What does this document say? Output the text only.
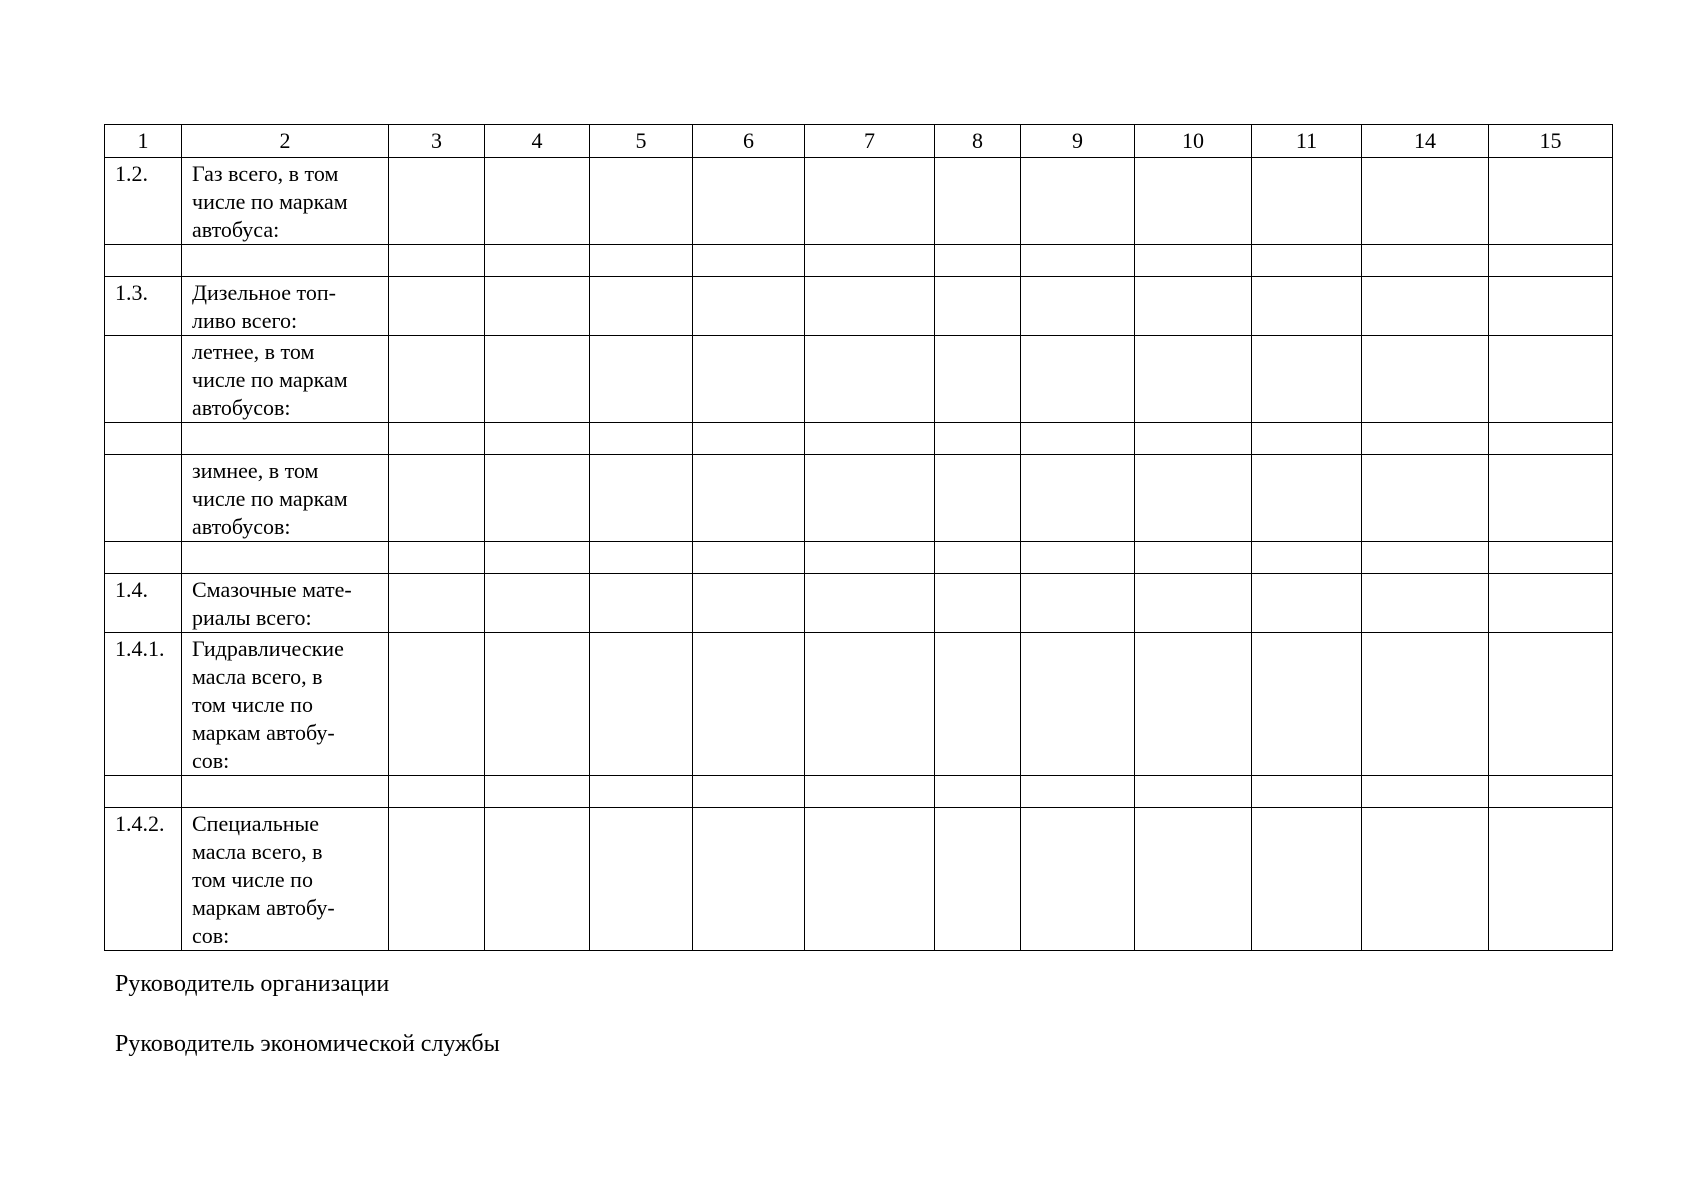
1	2	3	4	5	6	7	8	9	10	11	14	15
1.2.	Газ всего, в том
числе по маркам
автобуса:											

1.3.	Дизельное топ-
ливо всего:											
	летнее, в том
числе по маркам
автобусов:											

	зимнее, в том
числе по маркам
автобусов:											

1.4.	Смазочные мате-
риалы всего:											
1.4.1.	Гидравлические
масла всего, в
том числе по
маркам автобу-
сов:											

1.4.2.	Специальные
масла всего, в
том числе по
маркам автобу-
сов:											
Руководитель организации
Руководитель экономической службы
